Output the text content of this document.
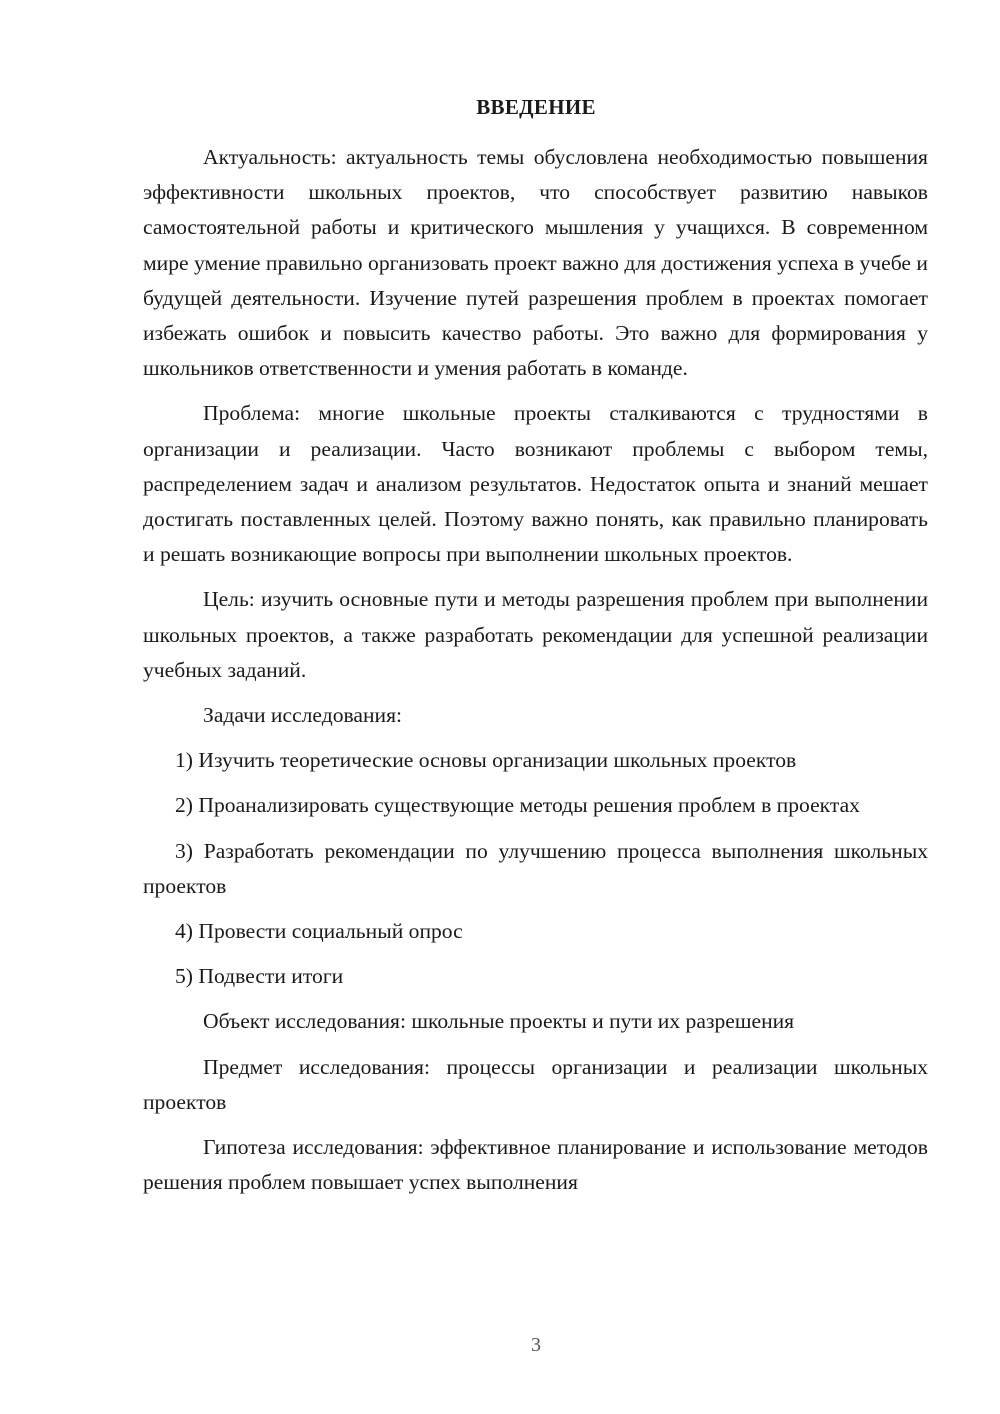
ВВЕДЕНИЕ

Актуальность: актуальность темы обусловлена необходимостью повышения эффективности школьных проектов, что способствует развитию навыков самостоятельной работы и критического мышления у учащихся. В современном мире умение правильно организовать проект важно для достижения успеха в учебе и будущей деятельности. Изучение путей разрешения проблем в проектах помогает избежать ошибок и повысить качество работы. Это важно для формирования у школьников ответственности и умения работать в команде.

Проблема: многие школьные проекты сталкиваются с трудностями в организации и реализации. Часто возникают проблемы с выбором темы, распределением задач и анализом результатов. Недостаток опыта и знаний мешает достигать поставленных целей. Поэтому важно понять, как правильно планировать и решать возникающие вопросы при выполнении школьных проектов.

Цель: изучить основные пути и методы разрешения проблем при выполнении школьных проектов, а также разработать рекомендации для успешной реализации учебных заданий.

Задачи исследования:

1) Изучить теоретические основы организации школьных проектов

2) Проанализировать существующие методы решения проблем в проектах

3) Разработать рекомендации по улучшению процесса выполнения школьных проектов

4) Провести социальный опрос

5) Подвести итоги

Объект исследования: школьные проекты и пути их разрешения

Предмет исследования: процессы организации и реализации школьных проектов

Гипотеза исследования: эффективное планирование и использование методов решения проблем повышает успех выполнения

3
